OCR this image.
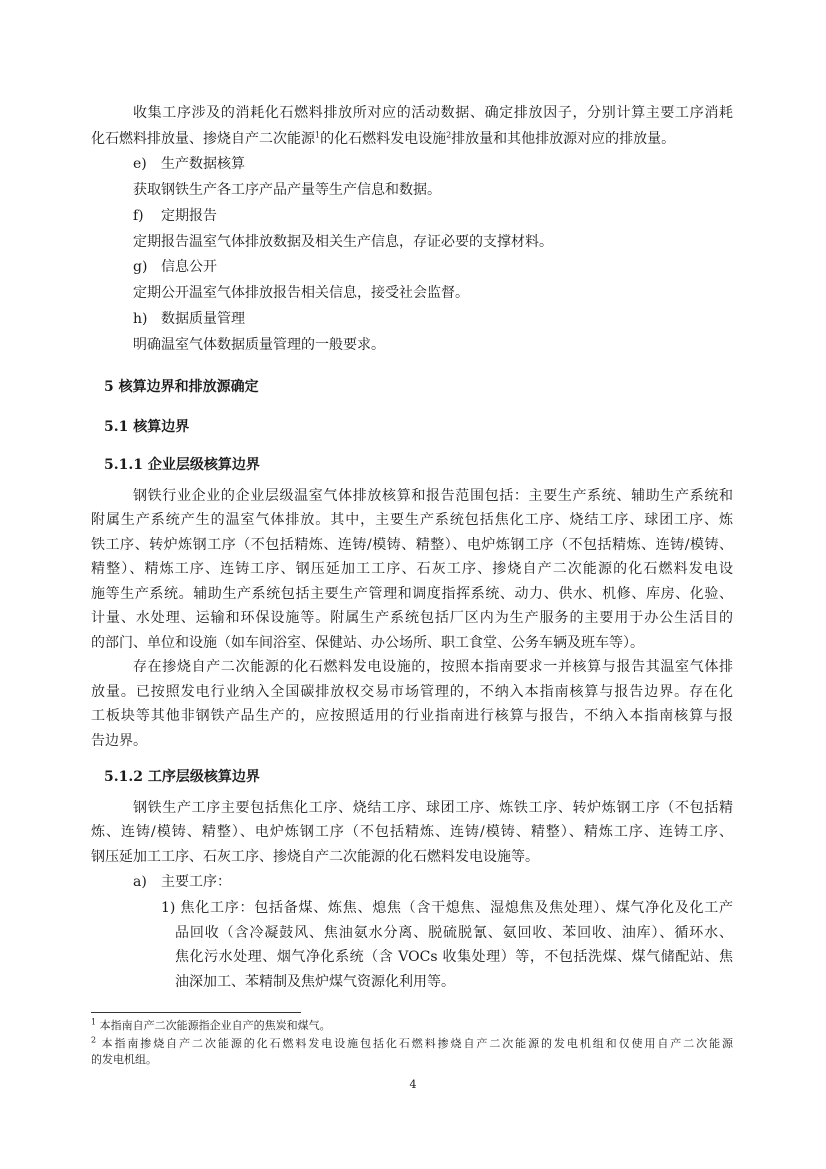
收集工序涉及的消耗化石燃料排放所对应的活动数据、确定排放因子，分别计算主要工序消耗
化石燃料排放量、掺烧自产二次能源$^1$的化石燃料发电设施$^2$排放量和其他排放源对应的排放量。
e) 生产数据核算
获取钢铁生产各工序产品产量等生产信息和数据。
f) 定期报告
定期报告温室气体排放数据及相关生产信息，存证必要的支撑材料。
g) 信息公开
定期公开温室气体排放报告相关信息，接受社会监督。
h) 数据质量管理
明确温室气体数据质量管理的一般要求。
5 核算边界和排放源确定
5.1 核算边界
5.1.1 企业层级核算边界
钢铁行业企业的企业层级温室气体排放核算和报告范围包括：主要生产系统、辅助生产系统和
附属生产系统产生的温室气体排放。其中，主要生产系统包括焦化工序、烧结工序、球团工序、炼
铁工序、转炉炼钢工序（不包括精炼、连铸/模铸、精整）、电炉炼钢工序（不包括精炼、连铸/模铸、
精整）、精炼工序、连铸工序、钢压延加工工序、石灰工序、掺烧自产二次能源的化石燃料发电设
施等生产系统。辅助生产系统包括主要生产管理和调度指挥系统、动力、供水、机修、库房、化验、
计量、水处理、运输和环保设施等。附属生产系统包括厂区内为生产服务的主要用于办公生活目的
的部门、单位和设施（如车间浴室、保健站、办公场所、职工食堂、公务车辆及班车等）。
存在掺烧自产二次能源的化石燃料发电设施的，按照本指南要求一并核算与报告其温室气体排
放量。已按照发电行业纳入全国碳排放权交易市场管理的，不纳入本指南核算与报告边界。存在化
工板块等其他非钢铁产品生产的，应按照适用的行业指南进行核算与报告，不纳入本指南核算与报
告边界。
5.1.2 工序层级核算边界
钢铁生产工序主要包括焦化工序、烧结工序、球团工序、炼铁工序、转炉炼钢工序（不包括精
炼、连铸/模铸、精整）、电炉炼钢工序（不包括精炼、连铸/模铸、精整）、精炼工序、连铸工序、
钢压延加工工序、石灰工序、掺烧自产二次能源的化石燃料发电设施等。
a) 主要工序：
1) 焦化工序：包括备煤、炼焦、熄焦（含干熄焦、湿熄焦及焦处理）、煤气净化及化工产
品回收（含冷凝鼓风、焦油氨水分离、脱硫脱氰、氨回收、苯回收、油库）、循环水、
焦化污水处理、烟气净化系统（含 VOCs 收集处理）等，不包括洗煤、煤气储配站、焦
油深加工、苯精制及焦炉煤气资源化利用等。
$^1$ 本指南自产二次能源指企业自产的焦炭和煤气。
$^2$ 本指南掺烧自产二次能源的化石燃料发电设施包括化石燃料掺烧自产二次能源的发电机组和仅使用自产二次能源
的发电机组。
4
